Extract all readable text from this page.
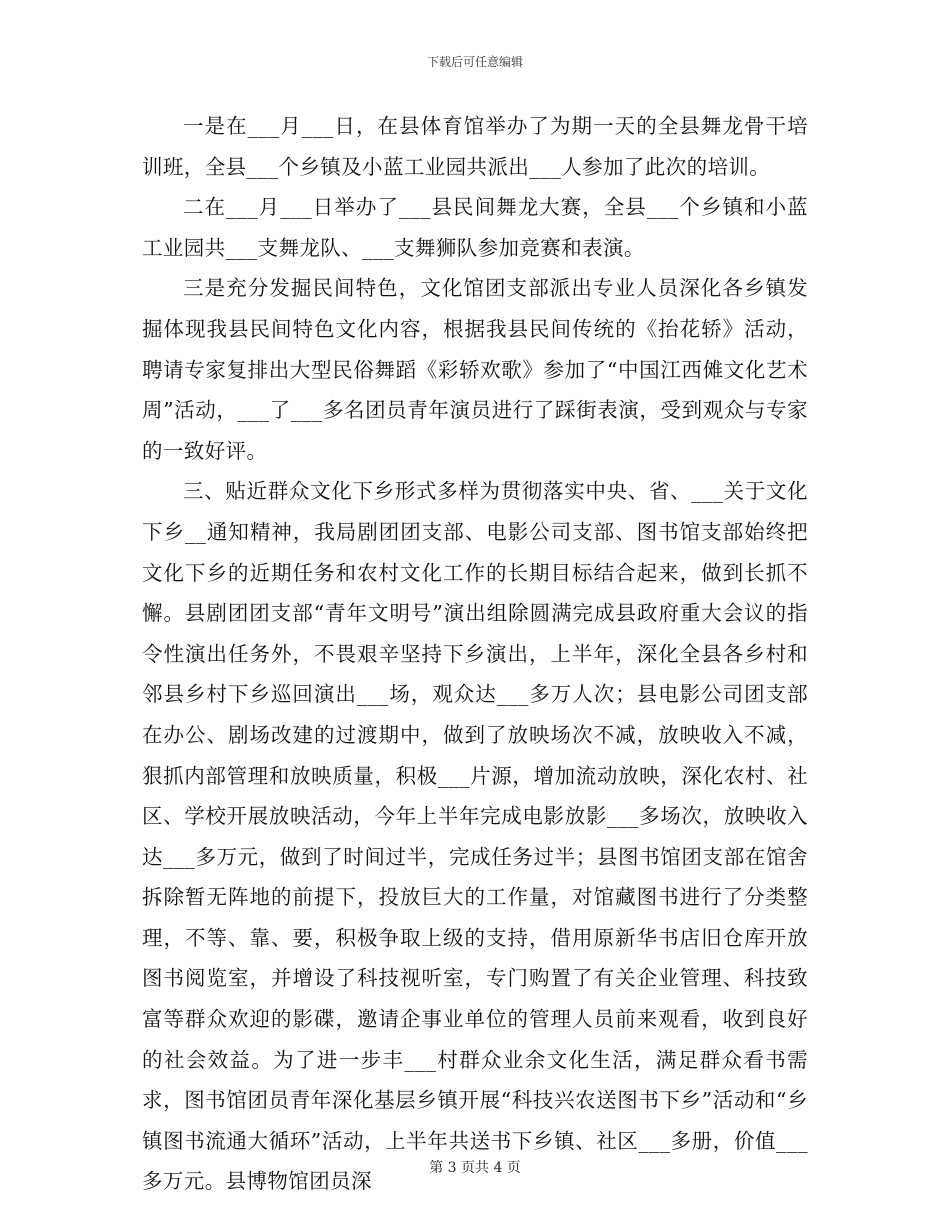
下载后可任意编辑

一是在___月___日，在县体育馆举办了为期一天的全县舞龙骨干培训班，全县___个乡镇及小蓝工业园共派出___人参加了此次的培训。

二在___月___日举办了___县民间舞龙大赛，全县___个乡镇和小蓝工业园共___支舞龙队、___支舞狮队参加竞赛和表演。

三是充分发掘民间特色，文化馆团支部派出专业人员深化各乡镇发掘体现我县民间特色文化内容，根据我县民间传统的《抬花轿》活动，聘请专家复排出大型民俗舞蹈《彩轿欢歌》参加了“中国江西傩文化艺术周”活动，___了___多名团员青年演员进行了踩街表演，受到观众与专家的一致好评。

三、贴近群众文化下乡形式多样为贯彻落实中央、省、___关于文化下乡__通知精神，我局剧团团支部、电影公司支部、图书馆支部始终把文化下乡的近期任务和农村文化工作的长期目标结合起来，做到长抓不懈。县剧团团支部“青年文明号”演出组除圆满完成县政府重大会议的指令性演出任务外，不畏艰辛坚持下乡演出，上半年，深化全县各乡村和邻县乡村下乡巡回演出___场，观众达___多万人次；县电影公司团支部在办公、剧场改建的过渡期中，做到了放映场次不减，放映收入不减，狠抓内部管理和放映质量，积极___片源，增加流动放映，深化农村、社区、学校开展放映活动，今年上半年完成电影放影___多场次，放映收入达___多万元，做到了时间过半，完成任务过半；县图书馆团支部在馆舍拆除暂无阵地的前提下，投放巨大的工作量，对馆藏图书进行了分类整理，不等、靠、要，积极争取上级的支持，借用原新华书店旧仓库开放图书阅览室，并增设了科技视听室，专门购置了有关企业管理、科技致富等群众欢迎的影碟，邀请企事业单位的管理人员前来观看，收到良好的社会效益。为了进一步丰___村群众业余文化生活，满足群众看书需求，图书馆团员青年深化基层乡镇开展“科技兴农送图书下乡”活动和“乡镇图书流通大循环”活动，上半年共送书下乡镇、社区___多册，价值___多万元。县博物馆团员深

第 3 页共 4 页
